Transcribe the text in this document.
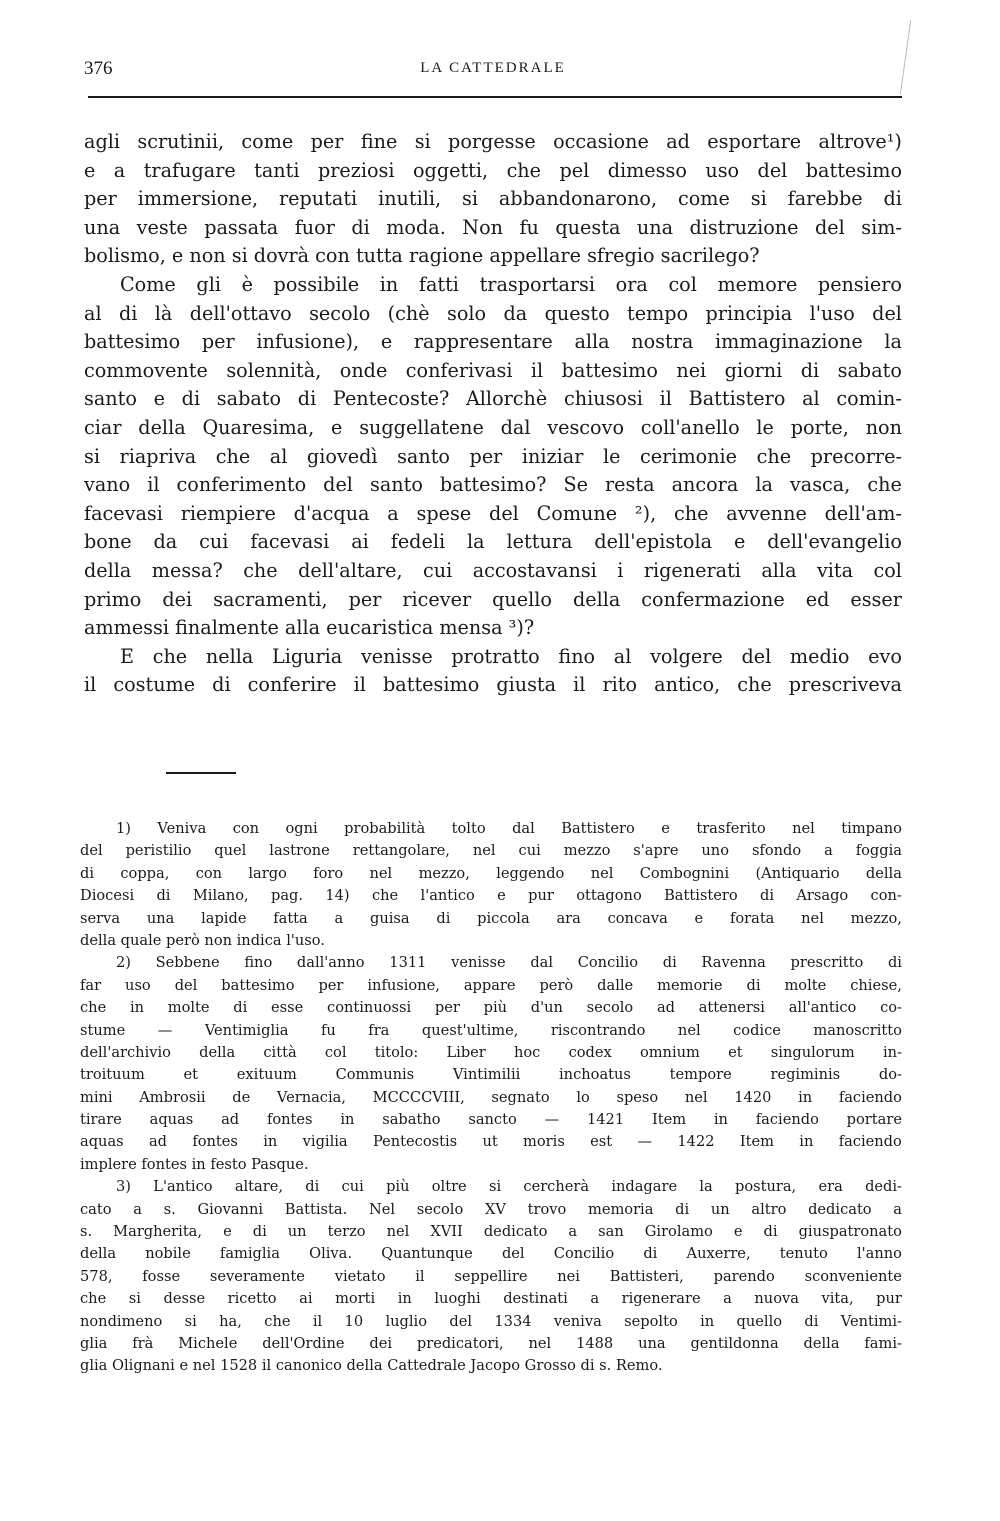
376	LA CATTEDRALE
agli scrutinii, come per fine si porgesse occasione ad esportare altrove¹)
e a trafugare tanti preziosi oggetti, che pel dimesso uso del battesimo
per immersione, reputati inutili, si abbandonarono, come si farebbe di
una veste passata fuor di moda. Non fu questa una distruzione del sim-
bolismo, e non si dovrà con tutta ragione appellare sfregio sacrilego?
Come gli è possibile in fatti trasportarsi ora col memore pensiero
al di là dell'ottavo secolo (chè solo da questo tempo principia l'uso del
battesimo per infusione), e rappresentare alla nostra immaginazione la
commovente solennità, onde conferivasi il battesimo nei giorni di sabato
santo e di sabato di Pentecoste? Allorchè chiusosi il Battistero al comin-
ciar della Quaresima, e suggellatene dal vescovo coll'anello le porte, non
si riapriva che al giovedì santo per iniziar le cerimonie che precorre-
vano il conferimento del santo battesimo? Se resta ancora la vasca, che
facevasi riempiere d'acqua a spese del Comune ²), che avvenne dell'am-
bone da cui facevasi ai fedeli la lettura dell'epistola e dell'evangelio
della messa? che dell'altare, cui accostavansi i rigenerati alla vita col
primo dei sacramenti, per ricever quello della confermazione ed esser
ammessi finalmente alla eucaristica mensa ³)?
E che nella Liguria venisse protratto fino al volgere del medio evo
il costume di conferire il battesimo giusta il rito antico, che prescriveva
1) Veniva con ogni probabilità tolto dal Battistero e trasferito nel timpano
del peristilio quel lastrone rettangolare, nel cui mezzo s'apre uno sfondo a foggia
di coppa, con largo foro nel mezzo, leggendo nel Combognini (Antiquario della
Diocesi di Milano, pag. 14) che l'antico e pur ottagono Battistero di Arsago con-
serva una lapide fatta a guisa di piccola ara concava e forata nel mezzo,
della quale però non indica l'uso.
2) Sebbene fino dall'anno 1311 venisse dal Concilio di Ravenna prescritto di
far uso del battesimo per infusione, appare però dalle memorie di molte chiese,
che in molte di esse continuossi per più d'un secolo ad attenersi all'antico co-
stume — Ventimiglia fu fra quest'ultime, riscontrando nel codice manoscritto
dell'archivio della città col titolo: Liber hoc codex omnium et singulorum in-
troituum	et	exituum	Communis	Vintimilii	inchoatus	tempore	regiminis	do-
mini Ambrosii de Vernacia, MCCCCVIII, segnato lo speso nel 1420 in faciendo
tirare aquas ad fontes in sabatho sancto — 1421 Item in faciendo portare
aquas ad fontes in vigilia Pentecostis ut moris est — 1422 Item in faciendo
implere fontes in festo Pasque.
3) L'antico altare, di cui più oltre si cercherà indagare la postura, era dedi-
cato a s. Giovanni Battista. Nel secolo XV trovo memoria di un altro dedicato a
s. Margherita, e di un terzo nel XVII dedicato a san Girolamo e di giuspatronato
della nobile famiglia Oliva. Quantunque del Concilio di Auxerre, tenuto l'anno
578, fosse severamente vietato il seppellire nei Battisteri, parendo sconveniente
che si desse ricetto ai morti in luoghi destinati a rigenerare a nuova vita, pur
nondimeno si ha, che il 10 luglio del 1334 veniva sepolto in quello di Ventimi-
glia frà Michele dell'Ordine dei predicatori, nel 1488 una gentildonna della fami-
glia Olignani e nel 1528 il canonico della Cattedrale Jacopo Grosso di s. Remo.
